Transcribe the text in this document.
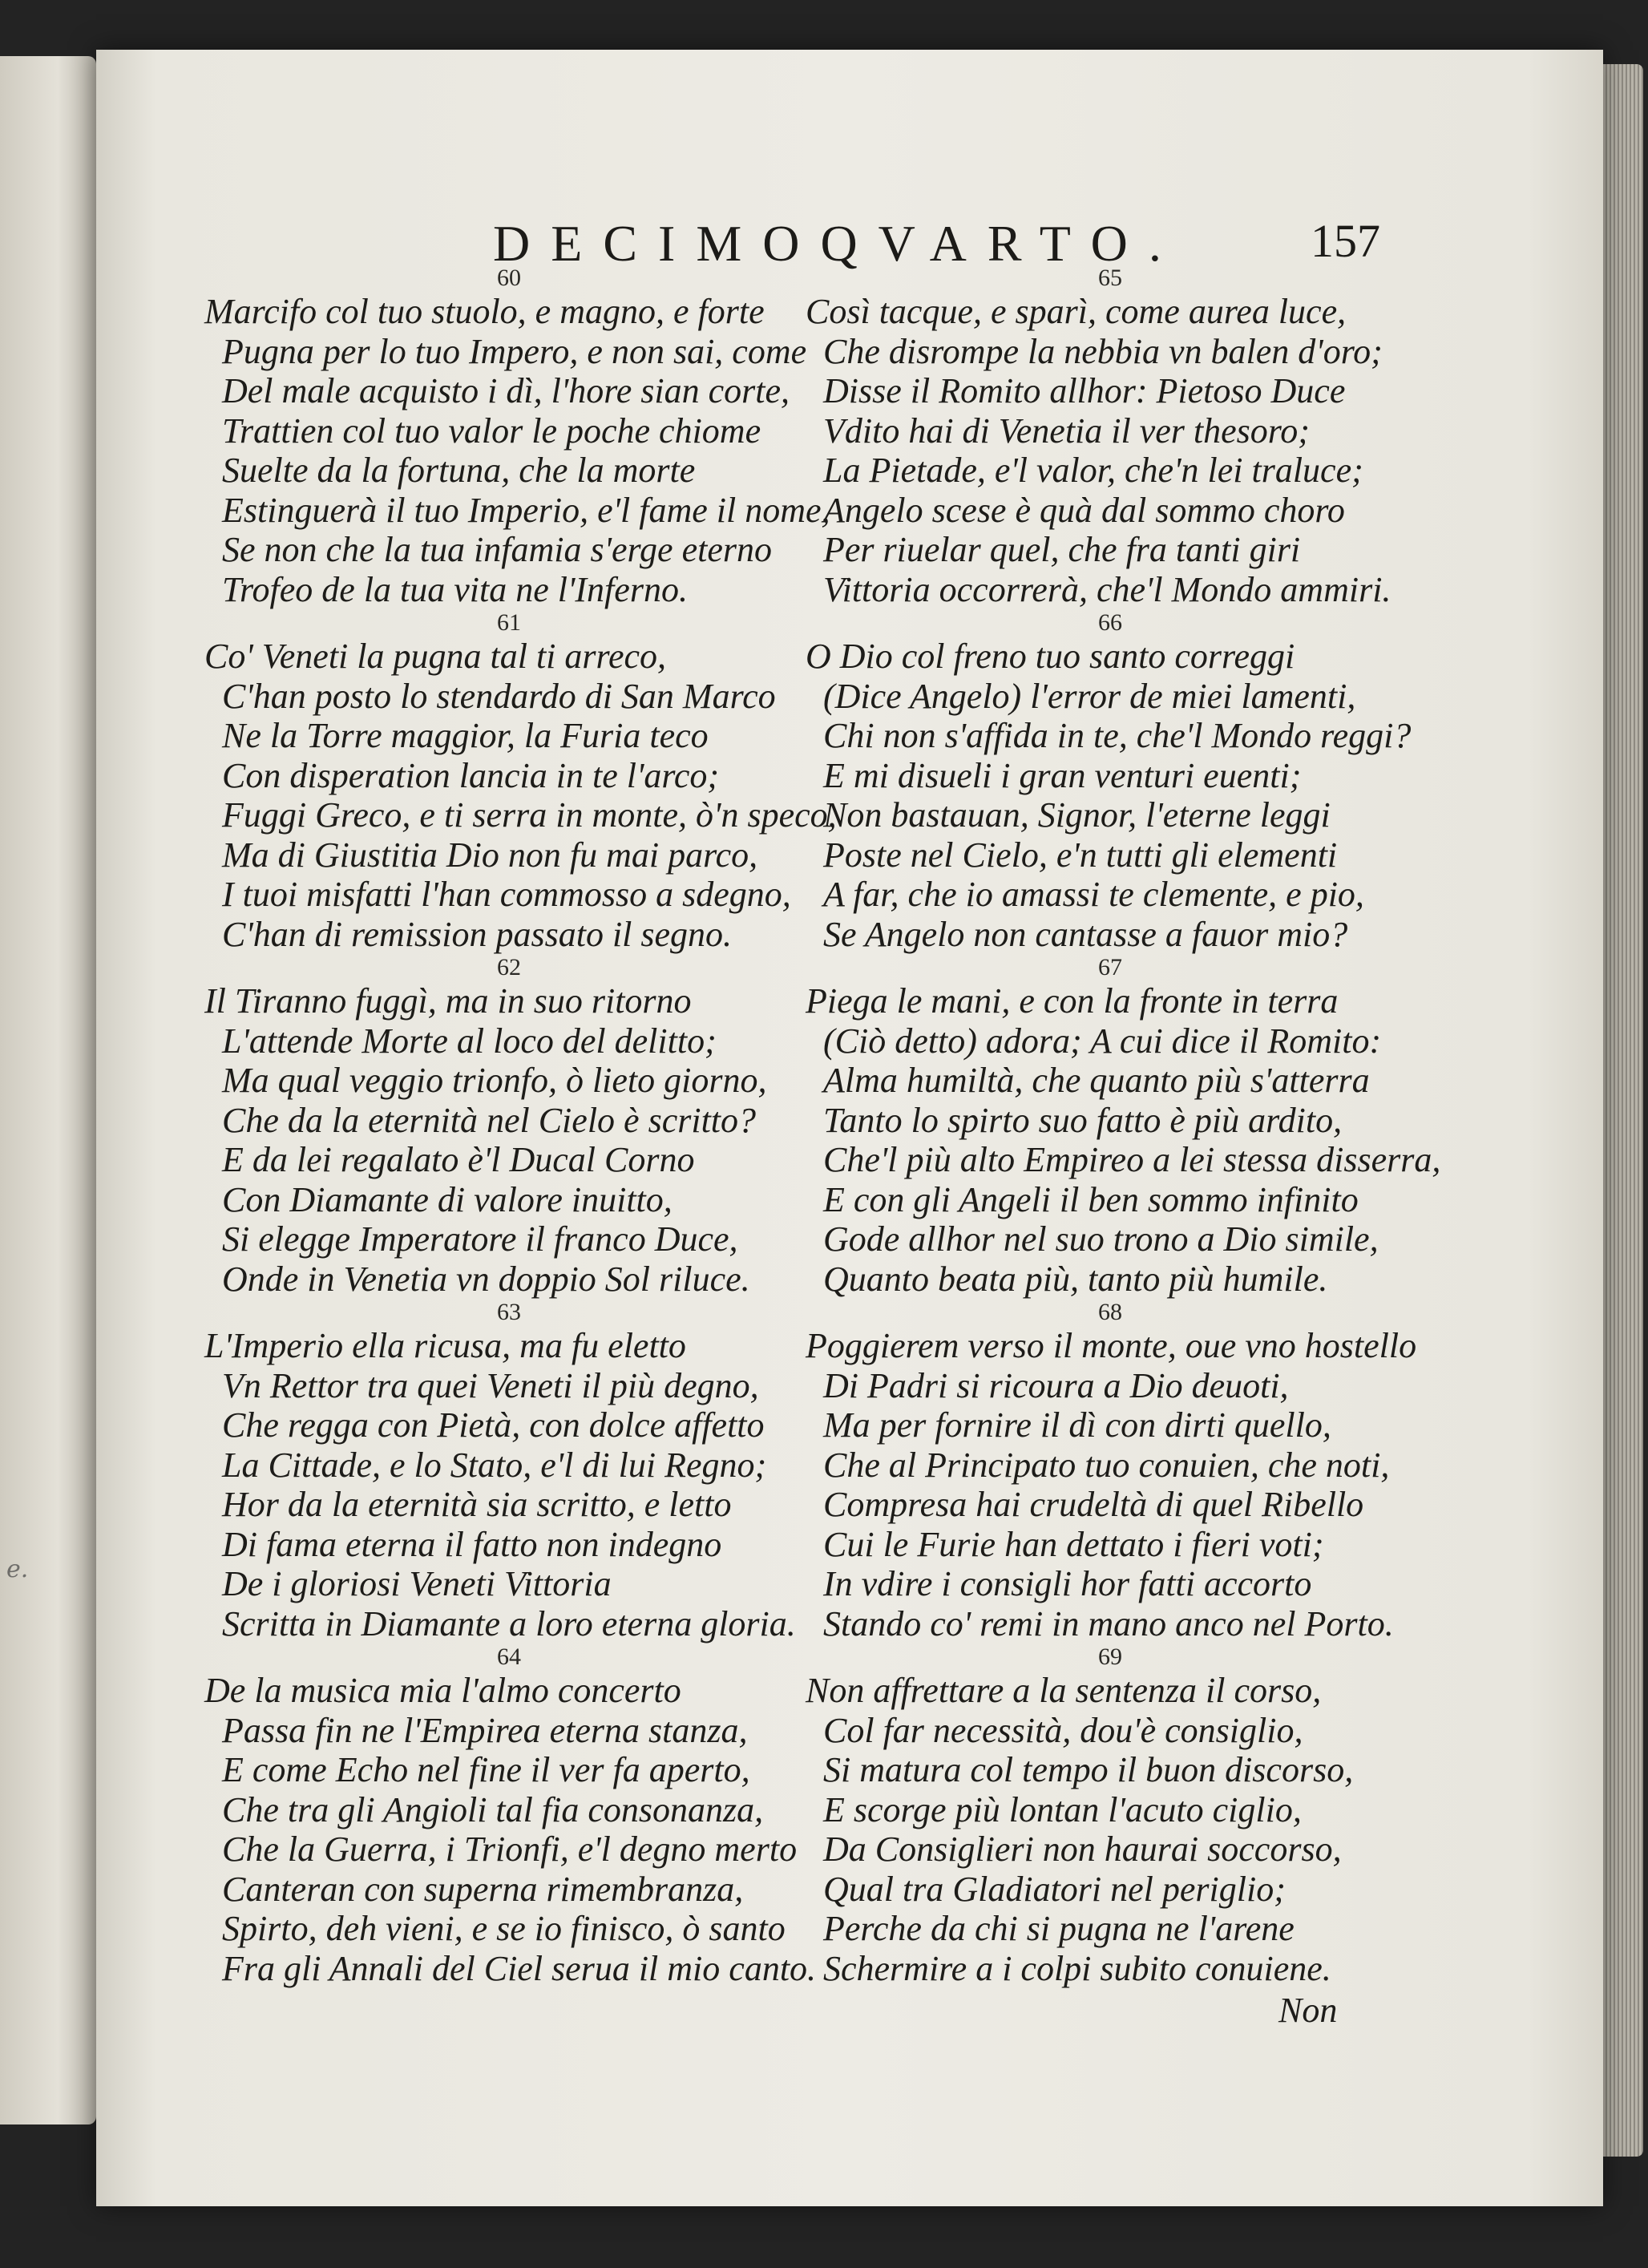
e.
DECIMOQVARTO.	157
60
Marcifo col tuo stuolo, e magno, e forte
Pugna per lo tuo Impero, e non sai, come
Del male acquisto i dì, l'hore sian corte,
Trattien col tuo valor le poche chiome
Suelte da la fortuna, che la morte
Estinguerà il tuo Imperio, e'l fame il nome,
Se non che la tua infamia s'erge eterno
Trofeo de la tua vita ne l'Inferno.
61
Co' Veneti la pugna tal ti arreco,
C'han posto lo stendardo di San Marco
Ne la Torre maggior, la Furia teco
Con disperation lancia in te l'arco;
Fuggi Greco, e ti serra in monte, ò'n speco,
Ma di Giustitia Dio non fu mai parco,
I tuoi misfatti l'han commosso a sdegno,
C'han di remission passato il segno.
62
Il Tiranno fuggì, ma in suo ritorno
L'attende Morte al loco del delitto;
Ma qual veggio trionfo, ò lieto giorno,
Che da la eternità nel Cielo è scritto?
E da lei regalato è'l Ducal Corno
Con Diamante di valore inuitto,
Si elegge Imperatore il franco Duce,
Onde in Venetia vn doppio Sol riluce.
63
L'Imperio ella ricusa, ma fu eletto
Vn Rettor tra quei Veneti il più degno,
Che regga con Pietà, con dolce affetto
La Cittade, e lo Stato, e'l di lui Regno;
Hor da la eternità sia scritto, e letto
Di fama eterna il fatto non indegno
De i gloriosi Veneti Vittoria
Scritta in Diamante a loro eterna gloria.
64
De la musica mia l'almo concerto
Passa fin ne l'Empirea eterna stanza,
E come Echo nel fine il ver fa aperto,
Che tra gli Angioli tal fia consonanza,
Che la Guerra, i Trionfi, e'l degno merto
Canteran con superna rimembranza,
Spirto, deh vieni, e se io finisco, ò santo
Fra gli Annali del Ciel serua il mio canto.
65
Così tacque, e sparì, come aurea luce,
Che disrompe la nebbia vn balen d'oro;
Disse il Romito allhor: Pietoso Duce
Vdito hai di Venetia il ver thesoro;
La Pietade, e'l valor, che'n lei traluce;
Angelo scese è quà dal sommo choro
Per riuelar quel, che fra tanti giri
Vittoria occorrerà, che'l Mondo ammiri.
66
O Dio col freno tuo santo correggi
(Dice Angelo) l'error de miei lamenti,
Chi non s'affida in te, che'l Mondo reggi?
E mi disueli i gran venturi euenti;
Non bastauan, Signor, l'eterne leggi
Poste nel Cielo, e'n tutti gli elementi
A far, che io amassi te clemente, e pio,
Se Angelo non cantasse a fauor mio?
67
Piega le mani, e con la fronte in terra
(Ciò detto) adora; A cui dice il Romito:
Alma humiltà, che quanto più s'atterra
Tanto lo spirto suo fatto è più ardito,
Che'l più alto Empireo a lei stessa disserra,
E con gli Angeli il ben sommo infinito
Gode allhor nel suo trono a Dio simile,
Quanto beata più, tanto più humile.
68
Poggierem verso il monte, oue vno hostello
Di Padri si ricoura a Dio deuoti,
Ma per fornire il dì con dirti quello,
Che al Principato tuo conuien, che noti,
Compresa hai crudeltà di quel Ribello
Cui le Furie han dettato i fieri voti;
In vdire i consigli hor fatti accorto
Stando co' remi in mano anco nel Porto.
69
Non affrettare a la sentenza il corso,
Col far necessità, dou'è consiglio,
Si matura col tempo il buon discorso,
E scorge più lontan l'acuto ciglio,
Da Consiglieri non haurai soccorso,
Qual tra Gladiatori nel periglio;
Perche da chi si pugna ne l'arene
Schermire a i colpi subito conuiene.
Non
